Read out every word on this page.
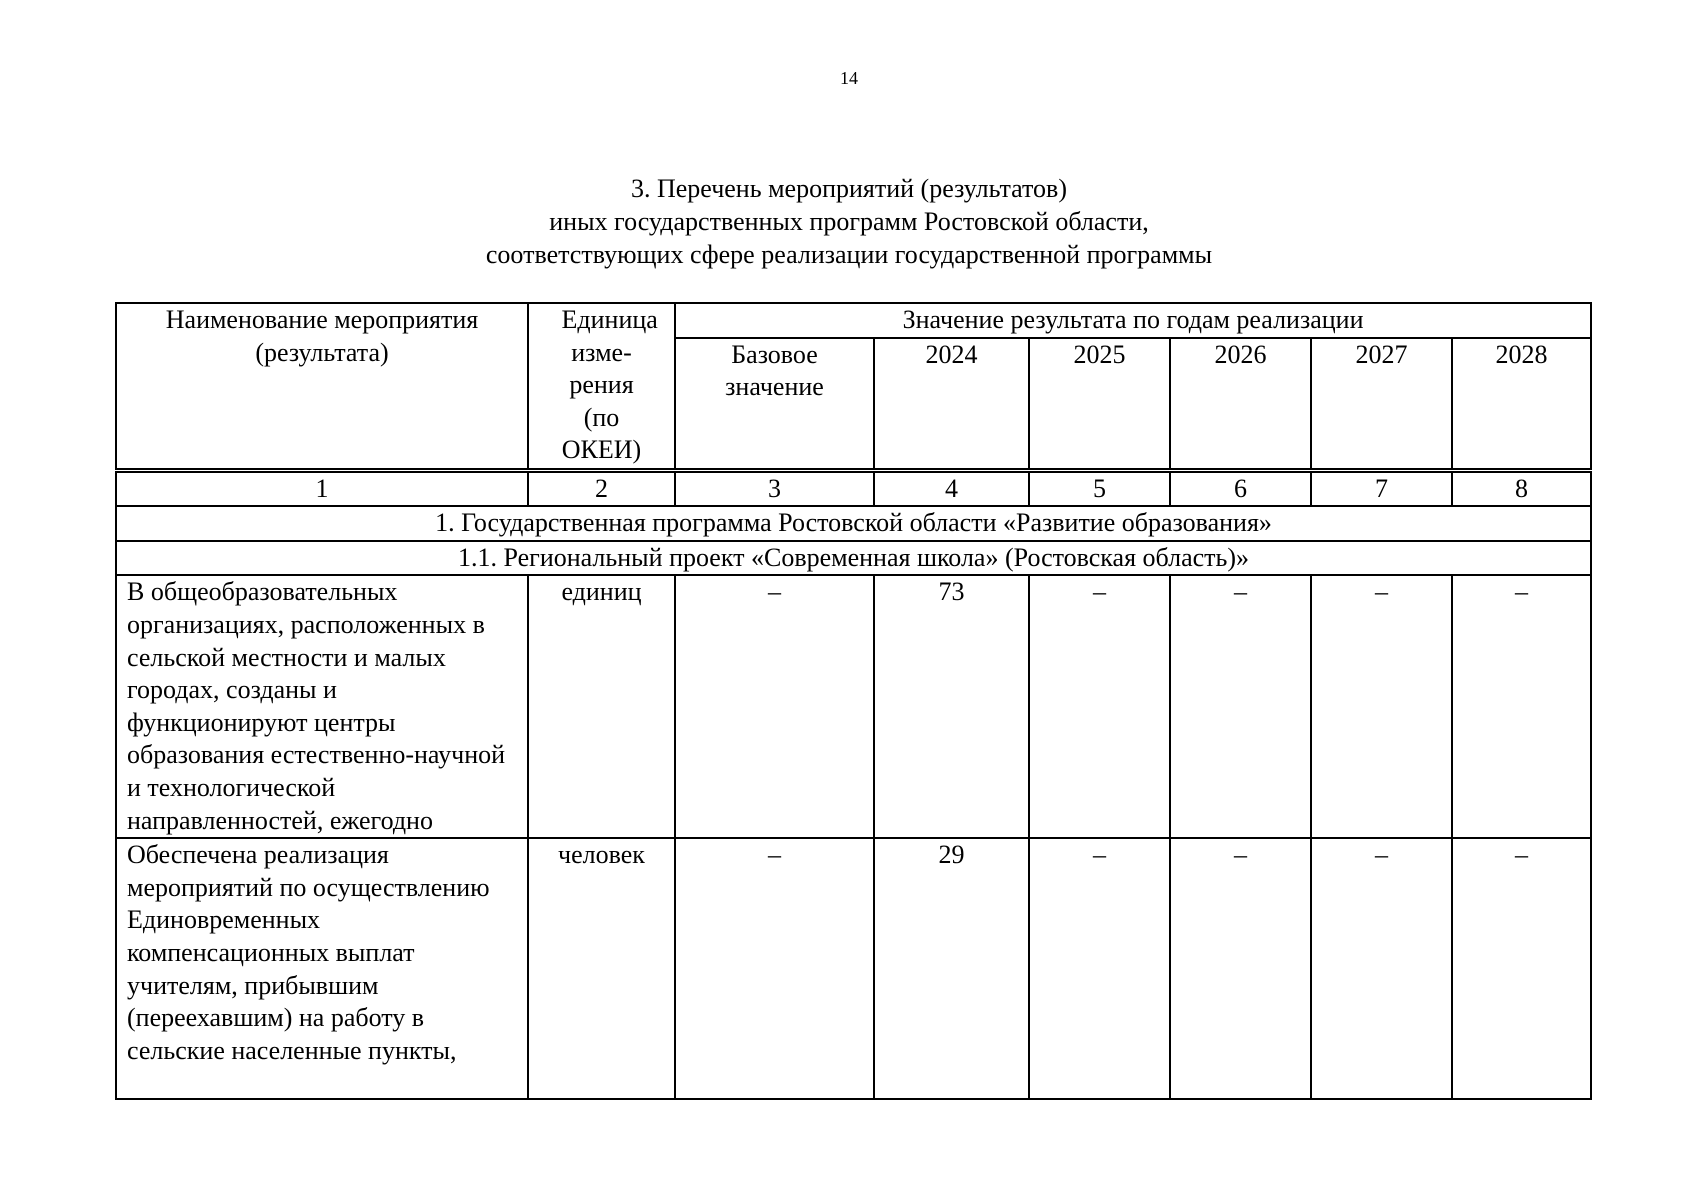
14
3. Перечень мероприятий (результатов)
иных государственных программ Ростовской области,
соответствующих сфере реализации государственной программы
Наименование мероприятия (результата)	Единица изме- рения (по ОКЕИ)	Значение результата по годам реализации					

		Базовое значение	2024	2025	2026	2027	2028
1	2	3	4	5	6	7	8
1. Государственная программа Ростовской области «Развитие образования»							
1.1. Региональный проект «Современная школа» (Ростовская область)»							

В общеобразовательных организациях, расположенных в сельской местности и малых городах, созданы и функционируют центры образования естественно-научной и технологической направленностей, ежегодно	единиц	–	73	–	–	–	–

Обеспечена реализация мероприятий по осуществлению Единовременных компенсационных выплат учителям, прибывшим (переехавшим) на работу в сельские населенные пункты,	человек	–	29	–	–	–	–
